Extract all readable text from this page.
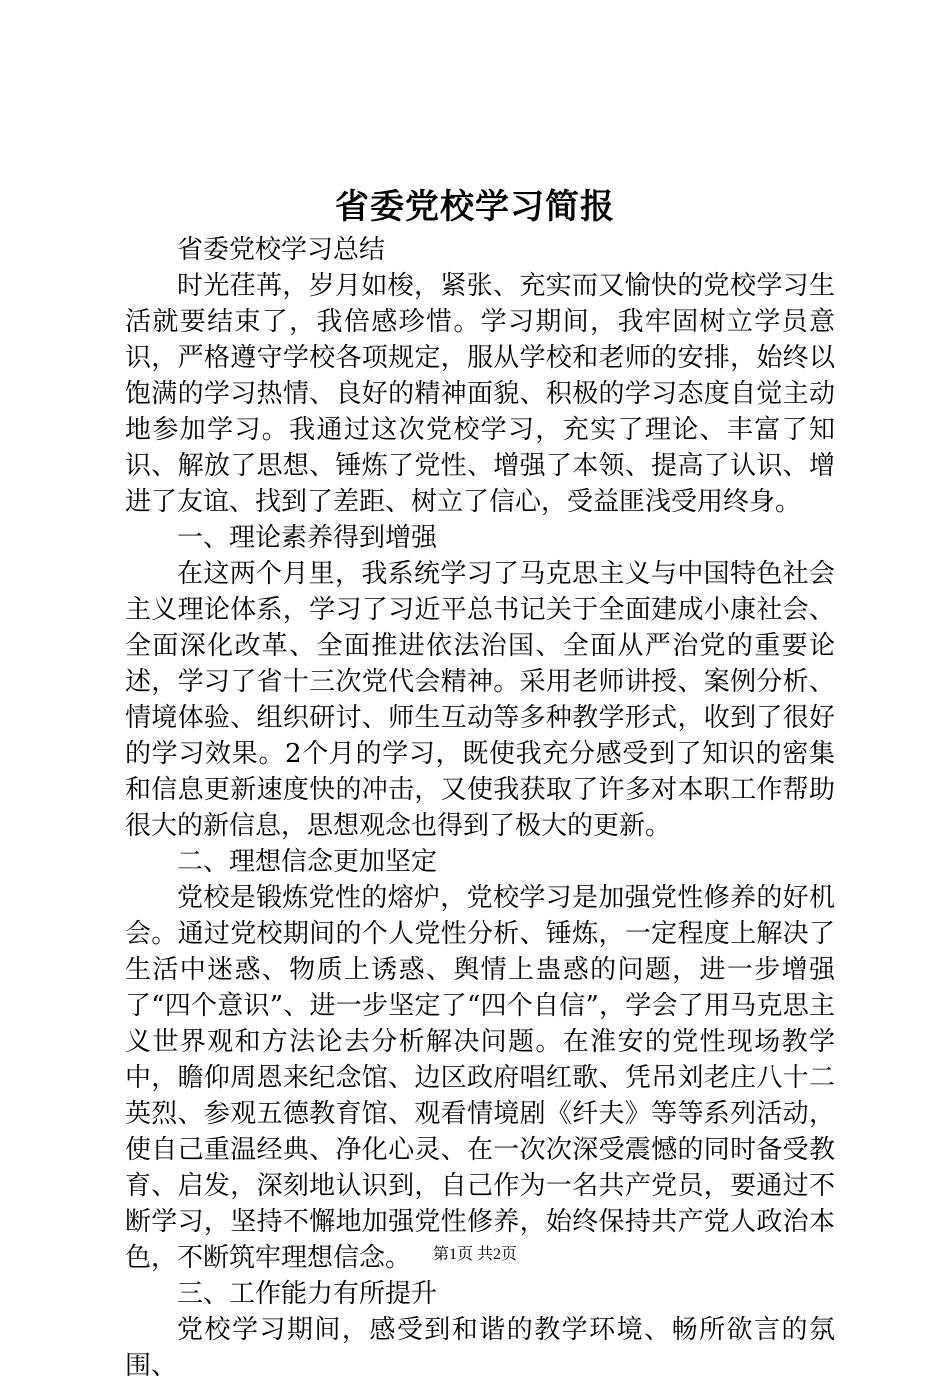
省委党校学习简报

省委党校学习总结

时光荏苒，岁月如梭，紧张、充实而又愉快的党校学习生活就要结束了，我倍感珍惜。学习期间，我牢固树立学员意识，严格遵守学校各项规定，服从学校和老师的安排，始终以饱满的学习热情、良好的精神面貌、积极的学习态度自觉主动地参加学习。我通过这次党校学习，充实了理论、丰富了知识、解放了思想、锤炼了党性、增强了本领、提高了认识、增进了友谊、找到了差距、树立了信心，受益匪浅受用终身。

一、理论素养得到增强

在这两个月里，我系统学习了马克思主义与中国特色社会主义理论体系，学习了习近平总书记关于全面建成小康社会、全面深化改革、全面推进依法治国、全面从严治党的重要论述，学习了省十三次党代会精神。采用老师讲授、案例分析、情境体验、组织研讨、师生互动等多种教学形式，收到了很好的学习效果。2个月的学习，既使我充分感受到了知识的密集和信息更新速度快的冲击，又使我获取了许多对本职工作帮助很大的新信息，思想观念也得到了极大的更新。

二、理想信念更加坚定

党校是锻炼党性的熔炉，党校学习是加强党性修养的好机会。通过党校期间的个人党性分析、锤炼，一定程度上解决了生活中迷惑、物质上诱惑、舆情上蛊惑的问题，进一步增强了“四个意识”、进一步坚定了“四个自信”，学会了用马克思主义世界观和方法论去分析解决问题。在淮安的党性现场教学中，瞻仰周恩来纪念馆、边区政府唱红歌、凭吊刘老庄八十二英烈、参观五德教育馆、观看情境剧《纤夫》等等系列活动，使自己重温经典、净化心灵、在一次次深受震憾的同时备受教育、启发，深刻地认识到，自己作为一名共产党员，要通过不断学习，坚持不懈地加强党性修养，始终保持共产党人政治本色，不断筑牢理想信念。

三、工作能力有所提升

党校学习期间，感受到和谐的教学环境、畅所欲言的氛围、

第1页 共2页
